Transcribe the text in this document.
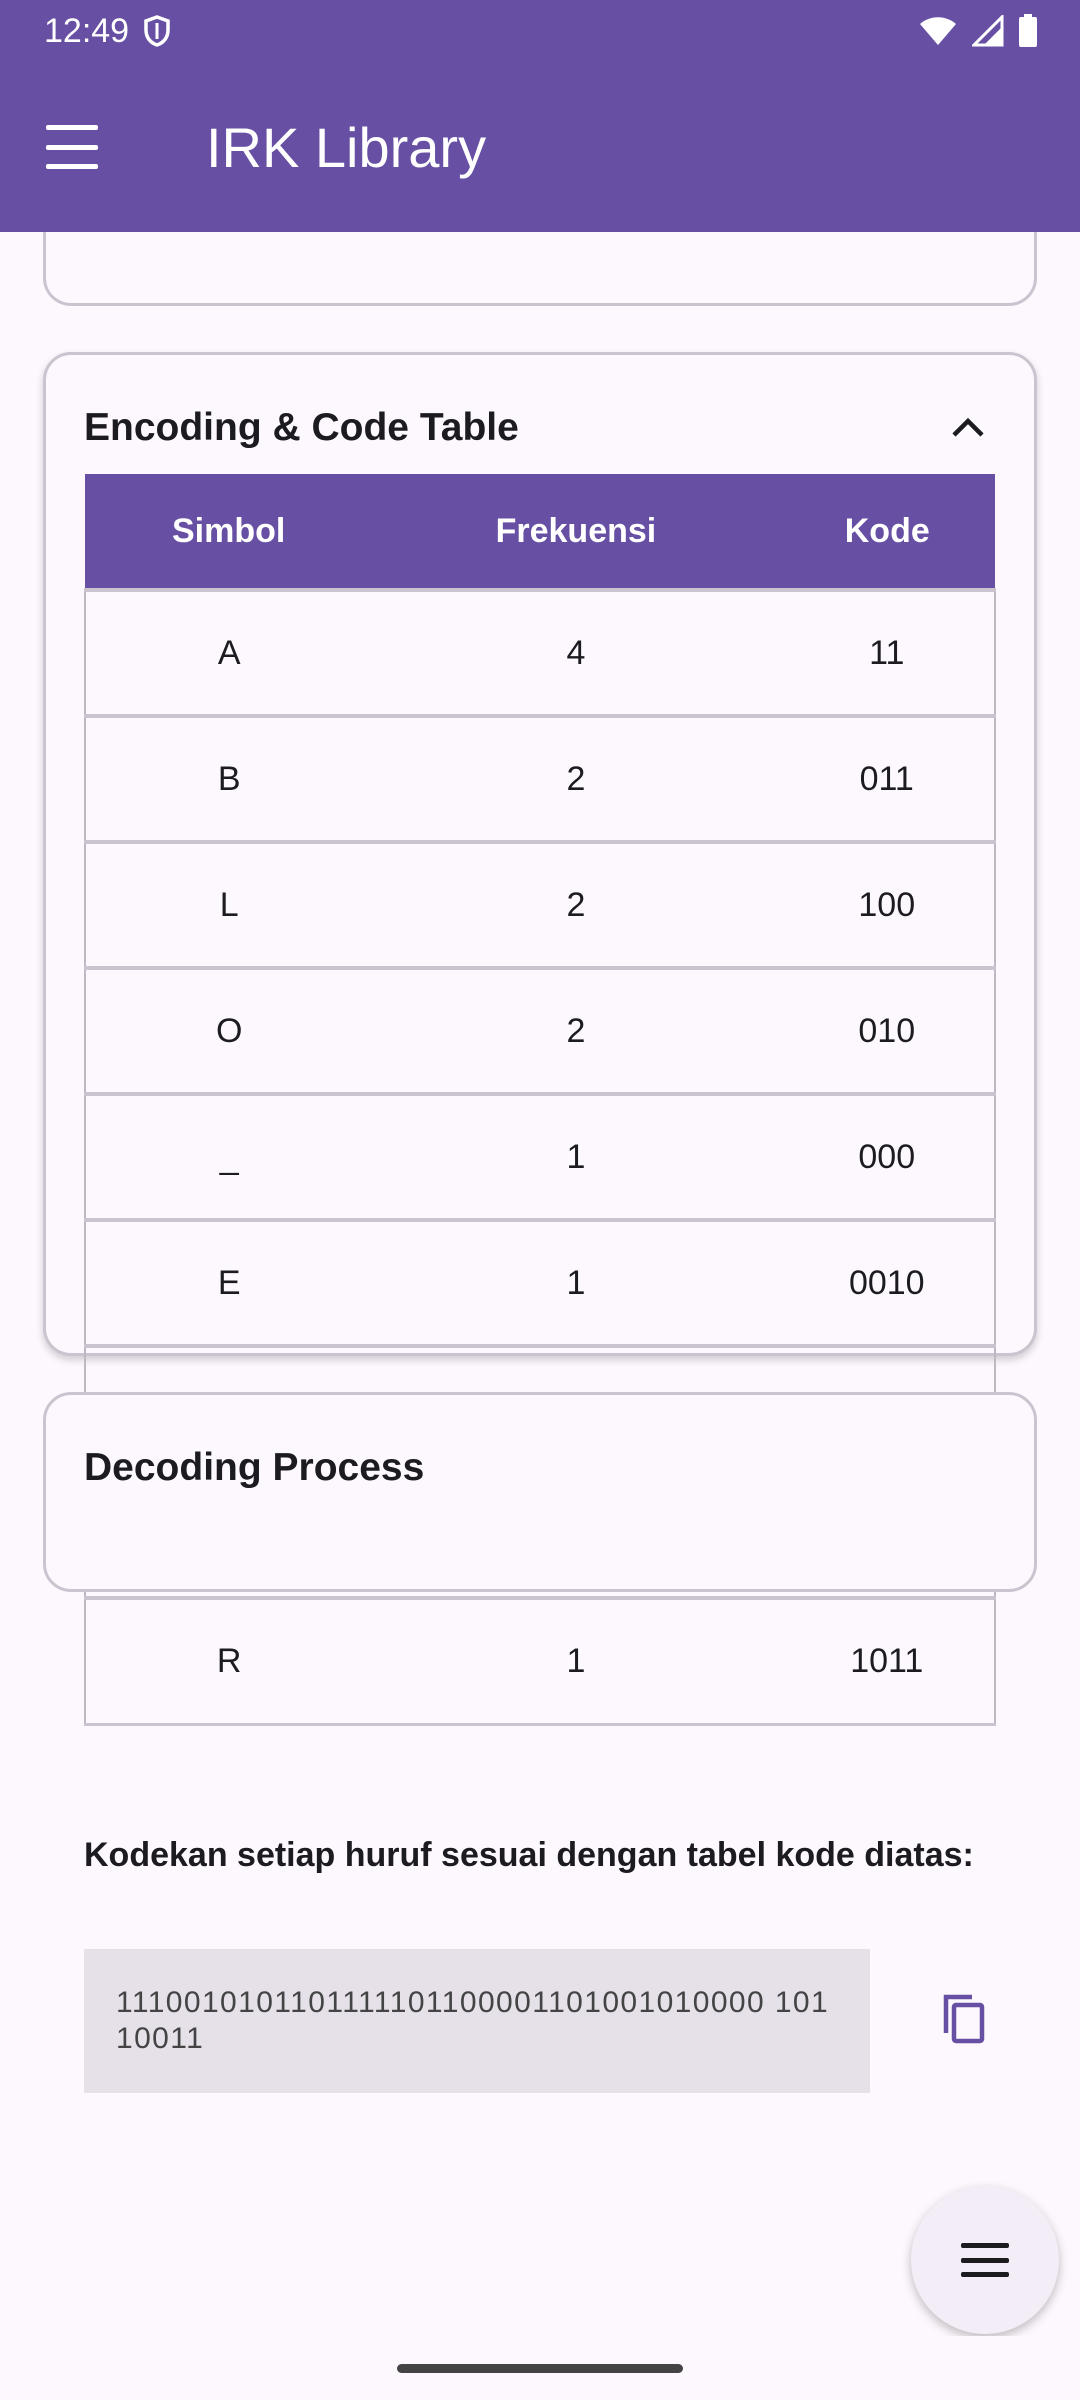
12:49
IRK Library
Encoding & Code Table
Simbol	Frekuensi	Kode
A	4	11
B	2	011
L	2	100
O	2	010
_	1	000
E	1	0010

R	1	1011
Kodekan setiap huruf sesuai dengan tabel kode diatas:
1110010101101111101100001101001010000 10110011
Decoding Process
